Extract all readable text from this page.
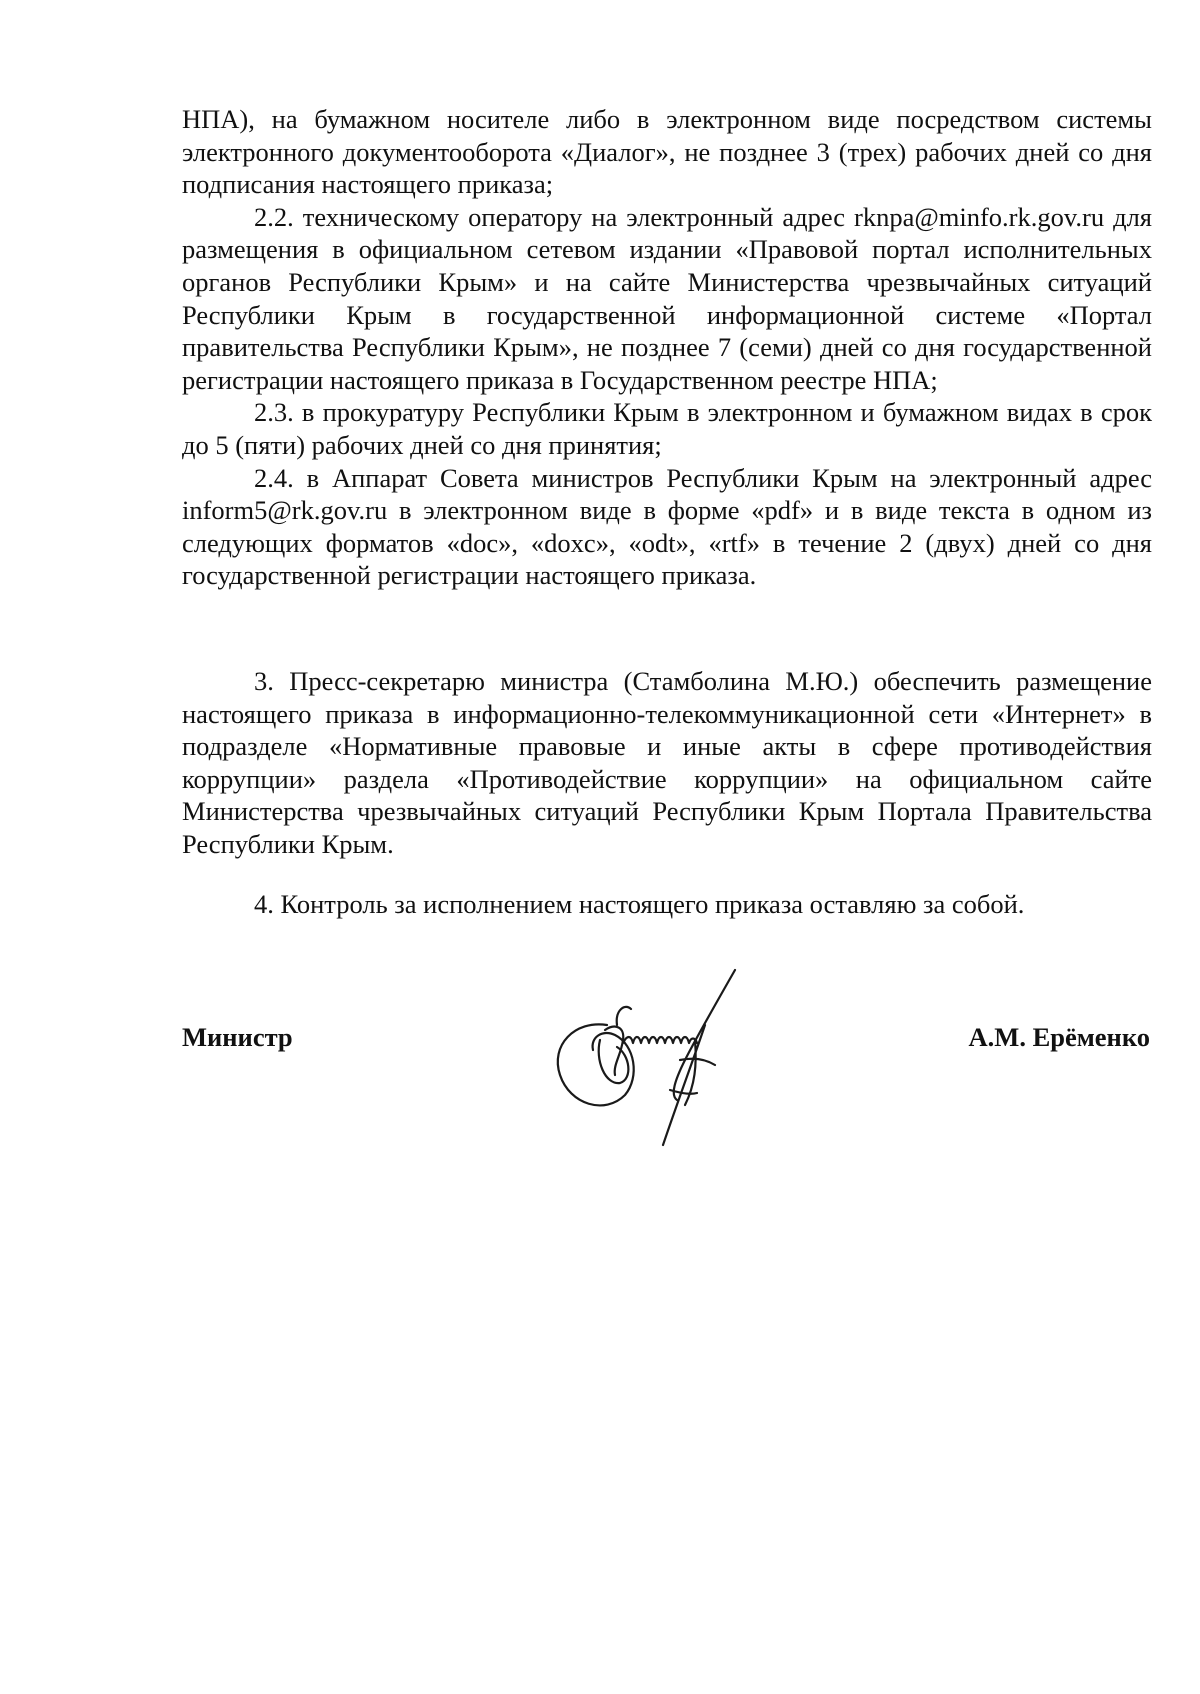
НПА), на бумажном носителе либо в электронном виде посредством системы электронного документооборота «Диалог», не позднее 3 (трех) рабочих дней со дня подписания настоящего приказа;

2.2. техническому оператору на электронный адрес rknpa@minfo.rk.gov.ru для размещения в официальном сетевом издании «Правовой портал исполнительных органов Республики Крым» и на сайте Министерства чрезвычайных ситуаций Республики Крым в государственной информационной системе «Портал правительства Республики Крым», не позднее 7 (семи) дней со дня государственной регистрации настоящего приказа в Государственном реестре НПА;

2.3. в прокуратуру Республики Крым в электронном и бумажном видах в срок до 5 (пяти) рабочих дней со дня принятия;

2.4. в Аппарат Совета министров Республики Крым на электронный адрес inform5@rk.gov.ru в электронном виде в форме «pdf» и в виде текста в одном из следующих форматов «doc», «doxc», «odt», «rtf» в течение 2 (двух) дней со дня государственной регистрации настоящего приказа.

3. Пресс-секретарю министра (Стамболина М.Ю.) обеспечить размещение настоящего приказа в информационно-телекоммуникационной сети «Интернет» в подразделе «Нормативные правовые и иные акты в сфере противодействия коррупции» раздела «Противодействие коррупции» на официальном сайте Министерства чрезвычайных ситуаций Республики Крым Портала Правительства Республики Крым.

4. Контроль за исполнением настоящего приказа оставляю за собой.

Министр	А.М. Ерёменко
